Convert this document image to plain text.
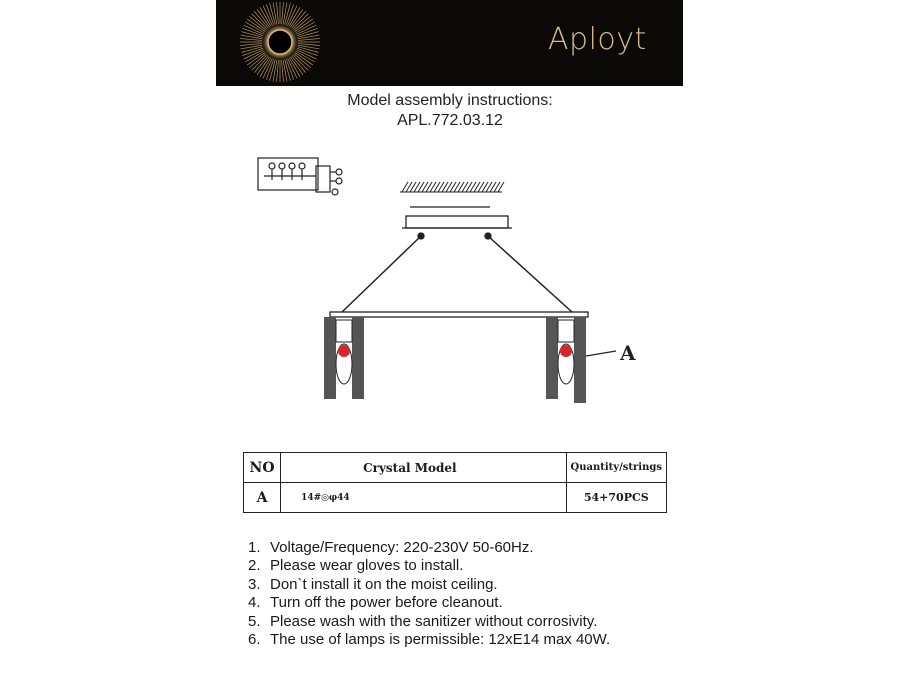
Aployt
Model assembly instructions:
APL.772.03.12
A
NO	Crystal Model	Quantity/strings
A	14#◎φ44	54+70PCS
1. Voltage/Frequency: 220-230V 50-60Hz.
2. Please wear gloves to install.
3. Don`t install it on the moist ceiling.
4. Turn off the power before cleanout.
5. Please wash with the sanitizer without corrosivity.
6. The use of lamps is permissible: 12xE14 max 40W.
